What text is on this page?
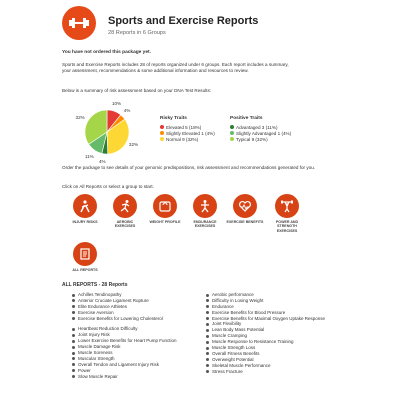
Sports and Exercise Reports
28 Reports in 6 Groups
You have not ordered this package yet.
Sports and Exercise Reports includes 28 of reports organized under 6 groups. Each report includes a summary, your assessment, recommendations & some additional information and resources to review.
Below is a summary of risk assessment based on your DNA Test Results:
10%
4%
32%
4%
11%
32%	Risky Traits
Elevated 5 (18%)
Slightly Elevated 1 (4%)
Normal 9 (32%)
Positive Traits
Advantaged 3 (11%)
Slightly Advantaged 1 (4%)
Typical 9 (32%)
Order the package to see details of your genomic predispositions, risk assessment and recommendations generated for you.
Click on All Reports or select a group to start.
INJURY RISKS	AEROBIC EXERCISES
WEIGHT PROFILE	ENDURANCE EXERCISES
EXERCISE BENEFITS	POWER AND STRENGTH EXERCISES
ALL REPORTS
ALL REPORTS - 28 Reports
Achilles Tendinopathy
Anterior Cruciate Ligament Rupture
Elite Endurance Athletes
Exercise Aversion
Exercise Benefits for Lowering Cholesterol
Heartbeat Reduction Difficulty
Joint Injury Risk
Lower Exercise Benefits for Heart Pump Function
Muscle Damage Risk
Muscle Soreness
Muscular Strength
Overall Tendon and Ligament Injury Risk
Power
Slow Muscle Repair
Aerobic performance
Difficulty in Losing Weight
Endurance
Exercise Benefits for Blood Pressure
Exercise Benefits for Maximal Oxygen Uptake Response
Joint Flexibility
Lean Body Mass Potential
Muscle Cramping
Muscle Response to Resistance Training
Muscle Strength Loss
Overall Fitness Benefits
Overweight Potential
Skeletal Muscle Performance
Stress Fracture
